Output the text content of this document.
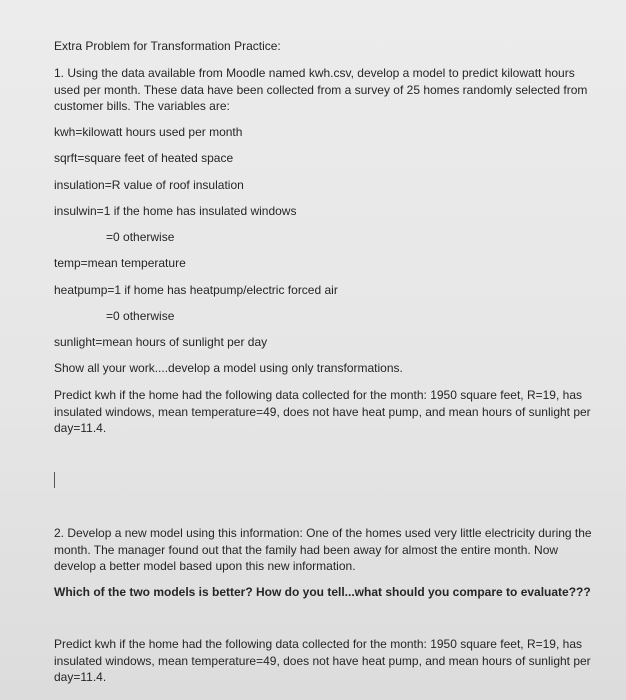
Extra Problem for Transformation Practice:
1. Using the data available from Moodle named kwh.csv, develop a model to predict kilowatt hours used per month. These data have been collected from a survey of 25 homes randomly selected from customer bills. The variables are:
kwh=kilowatt hours used per month
sqrft=square feet of heated space
insulation=R value of roof insulation
insulwin=1 if the home has insulated windows
=0 otherwise
temp=mean temperature
heatpump=1 if home has heatpump/electric forced air
=0 otherwise
sunlight=mean hours of sunlight per day
Show all your work....develop a model using only transformations.
Predict kwh if the home had the following data collected for the month: 1950 square feet, R=19, has insulated windows, mean temperature=49, does not have heat pump, and mean hours of sunlight per day=11.4.
2. Develop a new model using this information: One of the homes used very little electricity during the month. The manager found out that the family had been away for almost the entire month. Now develop a better model based upon this new information.
Which of the two models is better? How do you tell...what should you compare to evaluate???
Predict kwh if the home had the following data collected for the month: 1950 square feet, R=19, has insulated windows, mean temperature=49, does not have heat pump, and mean hours of sunlight per day=11.4.
